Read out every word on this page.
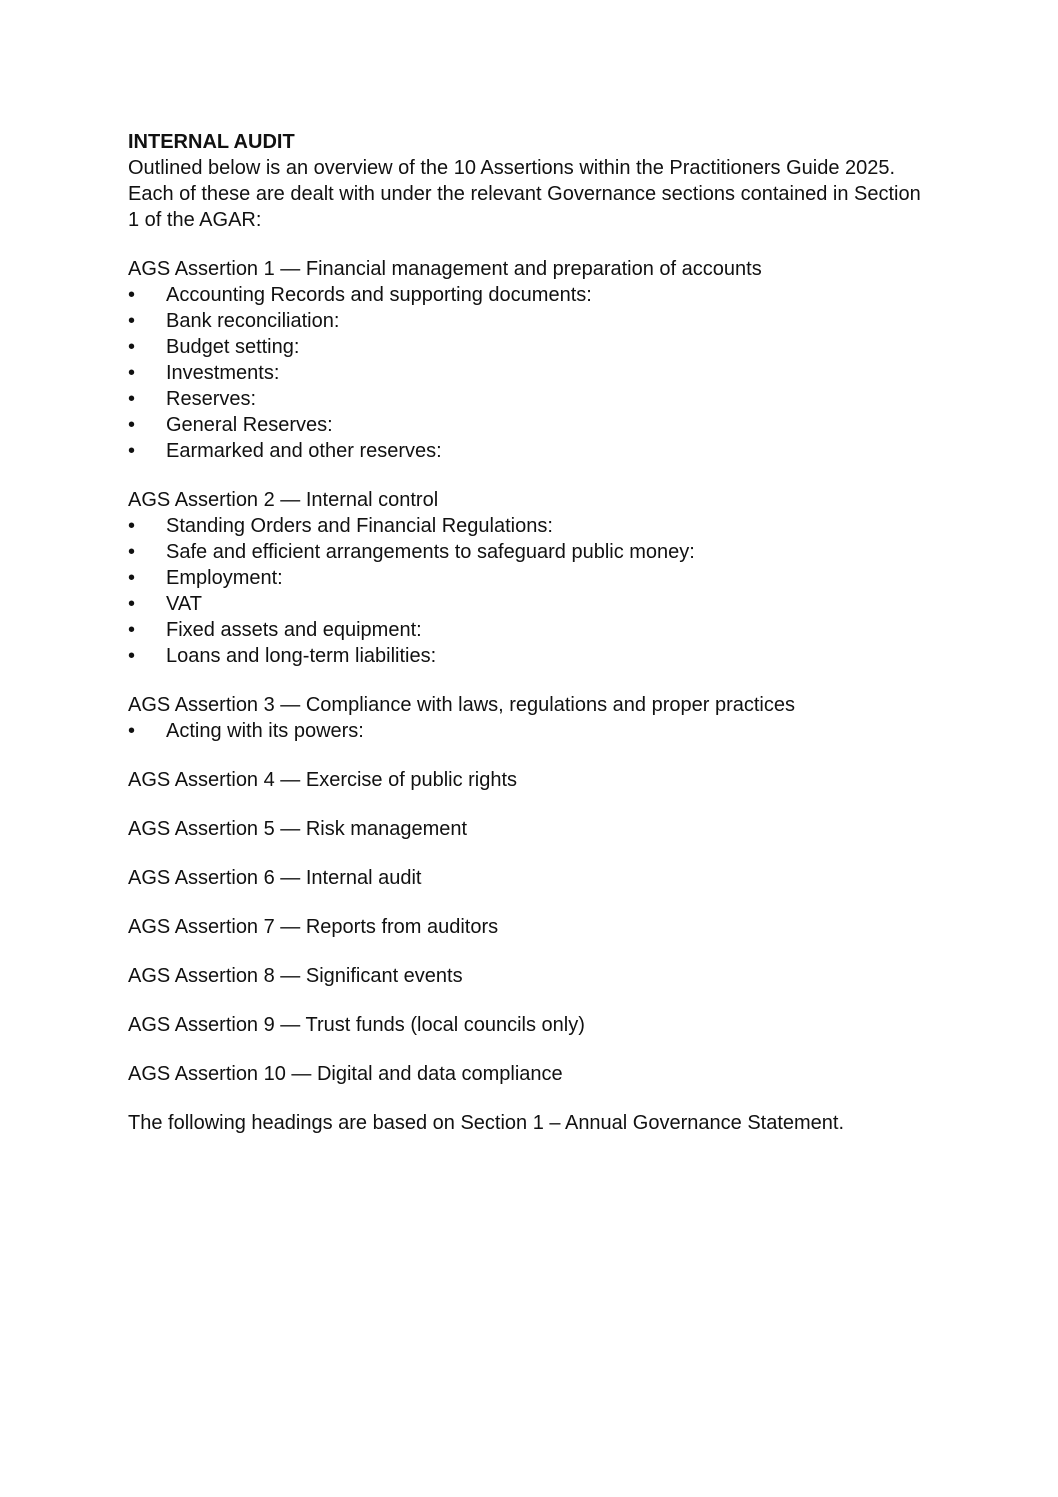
INTERNAL AUDIT
Outlined below is an overview of the 10 Assertions within the Practitioners Guide 2025. Each of these are dealt with under the relevant Governance sections contained in Section 1 of the AGAR:
AGS Assertion 1 — Financial management and preparation of accounts
• Accounting Records and supporting documents:
• Bank reconciliation:
• Budget setting:
• Investments:
• Reserves:
• General Reserves:
• Earmarked and other reserves:
AGS Assertion 2 — Internal control
• Standing Orders and Financial Regulations:
• Safe and efficient arrangements to safeguard public money:
• Employment:
• VAT
• Fixed assets and equipment:
• Loans and long-term liabilities:
AGS Assertion 3 — Compliance with laws, regulations and proper practices
• Acting with its powers:
AGS Assertion 4 — Exercise of public rights
AGS Assertion 5 — Risk management
AGS Assertion 6 — Internal audit
AGS Assertion 7 — Reports from auditors
AGS Assertion 8 — Significant events
AGS Assertion 9 — Trust funds (local councils only)
AGS Assertion 10 — Digital and data compliance
The following headings are based on Section 1 – Annual Governance Statement.
